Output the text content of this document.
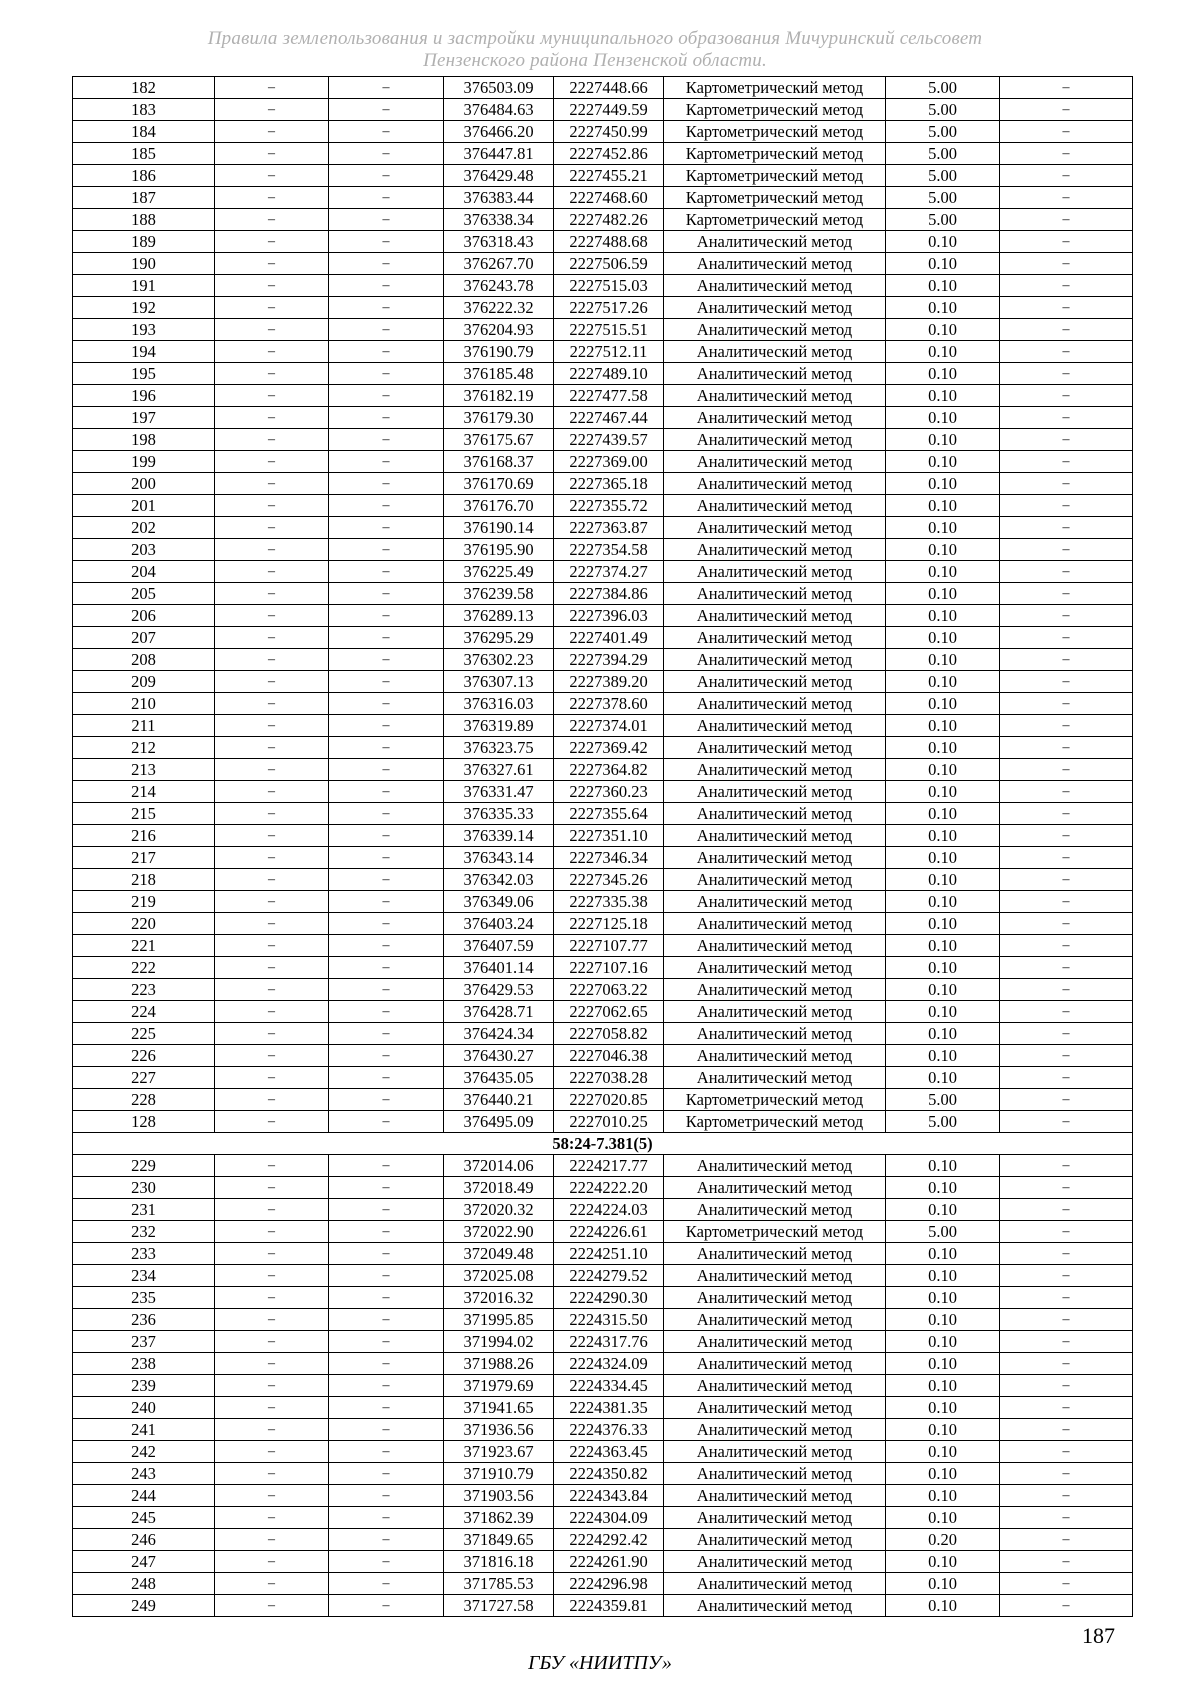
Правила землепользования и застройки муниципального образования Мичуринский сельсовет
Пензенского района Пензенской области.
182	–	–	376503.09	2227448.66	Картометрический метод	5.00	–
183	–	–	376484.63	2227449.59	Картометрический метод	5.00	–
184	–	–	376466.20	2227450.99	Картометрический метод	5.00	–
185	–	–	376447.81	2227452.86	Картометрический метод	5.00	–
186	–	–	376429.48	2227455.21	Картометрический метод	5.00	–
187	–	–	376383.44	2227468.60	Картометрический метод	5.00	–
188	–	–	376338.34	2227482.26	Картометрический метод	5.00	–
189	–	–	376318.43	2227488.68	Аналитический метод	0.10	–
190	–	–	376267.70	2227506.59	Аналитический метод	0.10	–
191	–	–	376243.78	2227515.03	Аналитический метод	0.10	–
192	–	–	376222.32	2227517.26	Аналитический метод	0.10	–
193	–	–	376204.93	2227515.51	Аналитический метод	0.10	–
194	–	–	376190.79	2227512.11	Аналитический метод	0.10	–
195	–	–	376185.48	2227489.10	Аналитический метод	0.10	–
196	–	–	376182.19	2227477.58	Аналитический метод	0.10	–
197	–	–	376179.30	2227467.44	Аналитический метод	0.10	–
198	–	–	376175.67	2227439.57	Аналитический метод	0.10	–
199	–	–	376168.37	2227369.00	Аналитический метод	0.10	–
200	–	–	376170.69	2227365.18	Аналитический метод	0.10	–
201	–	–	376176.70	2227355.72	Аналитический метод	0.10	–
202	–	–	376190.14	2227363.87	Аналитический метод	0.10	–
203	–	–	376195.90	2227354.58	Аналитический метод	0.10	–
204	–	–	376225.49	2227374.27	Аналитический метод	0.10	–
205	–	–	376239.58	2227384.86	Аналитический метод	0.10	–
206	–	–	376289.13	2227396.03	Аналитический метод	0.10	–
207	–	–	376295.29	2227401.49	Аналитический метод	0.10	–
208	–	–	376302.23	2227394.29	Аналитический метод	0.10	–
209	–	–	376307.13	2227389.20	Аналитический метод	0.10	–
210	–	–	376316.03	2227378.60	Аналитический метод	0.10	–
211	–	–	376319.89	2227374.01	Аналитический метод	0.10	–
212	–	–	376323.75	2227369.42	Аналитический метод	0.10	–
213	–	–	376327.61	2227364.82	Аналитический метод	0.10	–
214	–	–	376331.47	2227360.23	Аналитический метод	0.10	–
215	–	–	376335.33	2227355.64	Аналитический метод	0.10	–
216	–	–	376339.14	2227351.10	Аналитический метод	0.10	–
217	–	–	376343.14	2227346.34	Аналитический метод	0.10	–
218	–	–	376342.03	2227345.26	Аналитический метод	0.10	–
219	–	–	376349.06	2227335.38	Аналитический метод	0.10	–
220	–	–	376403.24	2227125.18	Аналитический метод	0.10	–
221	–	–	376407.59	2227107.77	Аналитический метод	0.10	–
222	–	–	376401.14	2227107.16	Аналитический метод	0.10	–
223	–	–	376429.53	2227063.22	Аналитический метод	0.10	–
224	–	–	376428.71	2227062.65	Аналитический метод	0.10	–
225	–	–	376424.34	2227058.82	Аналитический метод	0.10	–
226	–	–	376430.27	2227046.38	Аналитический метод	0.10	–
227	–	–	376435.05	2227038.28	Аналитический метод	0.10	–
228	–	–	376440.21	2227020.85	Картометрический метод	5.00	–
128	–	–	376495.09	2227010.25	Картометрический метод	5.00	–
58:24-7.381(5)							
229	–	–	372014.06	2224217.77	Аналитический метод	0.10	–
230	–	–	372018.49	2224222.20	Аналитический метод	0.10	–
231	–	–	372020.32	2224224.03	Аналитический метод	0.10	–
232	–	–	372022.90	2224226.61	Картометрический метод	5.00	–
233	–	–	372049.48	2224251.10	Аналитический метод	0.10	–
234	–	–	372025.08	2224279.52	Аналитический метод	0.10	–
235	–	–	372016.32	2224290.30	Аналитический метод	0.10	–
236	–	–	371995.85	2224315.50	Аналитический метод	0.10	–
237	–	–	371994.02	2224317.76	Аналитический метод	0.10	–
238	–	–	371988.26	2224324.09	Аналитический метод	0.10	–
239	–	–	371979.69	2224334.45	Аналитический метод	0.10	–
240	–	–	371941.65	2224381.35	Аналитический метод	0.10	–
241	–	–	371936.56	2224376.33	Аналитический метод	0.10	–
242	–	–	371923.67	2224363.45	Аналитический метод	0.10	–
243	–	–	371910.79	2224350.82	Аналитический метод	0.10	–
244	–	–	371903.56	2224343.84	Аналитический метод	0.10	–
245	–	–	371862.39	2224304.09	Аналитический метод	0.10	–
246	–	–	371849.65	2224292.42	Аналитический метод	0.20	–
247	–	–	371816.18	2224261.90	Аналитический метод	0.10	–
248	–	–	371785.53	2224296.98	Аналитический метод	0.10	–
249	–	–	371727.58	2224359.81	Аналитический метод	0.10	–
187
ГБУ «НИИТПУ»
